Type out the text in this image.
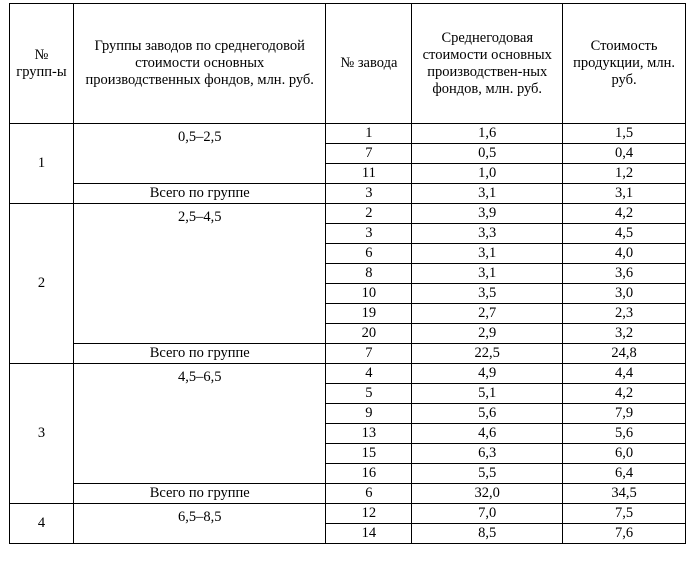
№ групп-ы	Группы заводов по среднегодовой стоимости основных производственных фондов, млн. руб.	№ завода	Среднегодовая стоимости основных производствен-ных фондов, млн. руб.	Стоимость продукции, млн. руб.
1	0,5–2,5	1	1,6	1,5
		7	0,5	0,4
		11	1,0	1,2
	Всего по группе	3	3,1	3,1
2	2,5–4,5	2	3,9	4,2
		3	3,3	4,5
		6	3,1	4,0
		8	3,1	3,6
		10	3,5	3,0
		19	2,7	2,3
		20	2,9	3,2
	Всего по группе	7	22,5	24,8
3	4,5–6,5	4	4,9	4,4
		5	5,1	4,2
		9	5,6	7,9
		13	4,6	5,6
		15	6,3	6,0
		16	5,5	6,4
	Всего по группе	6	32,0	34,5
4	6,5–8,5	12	7,0	7,5
		14	8,5	7,6
